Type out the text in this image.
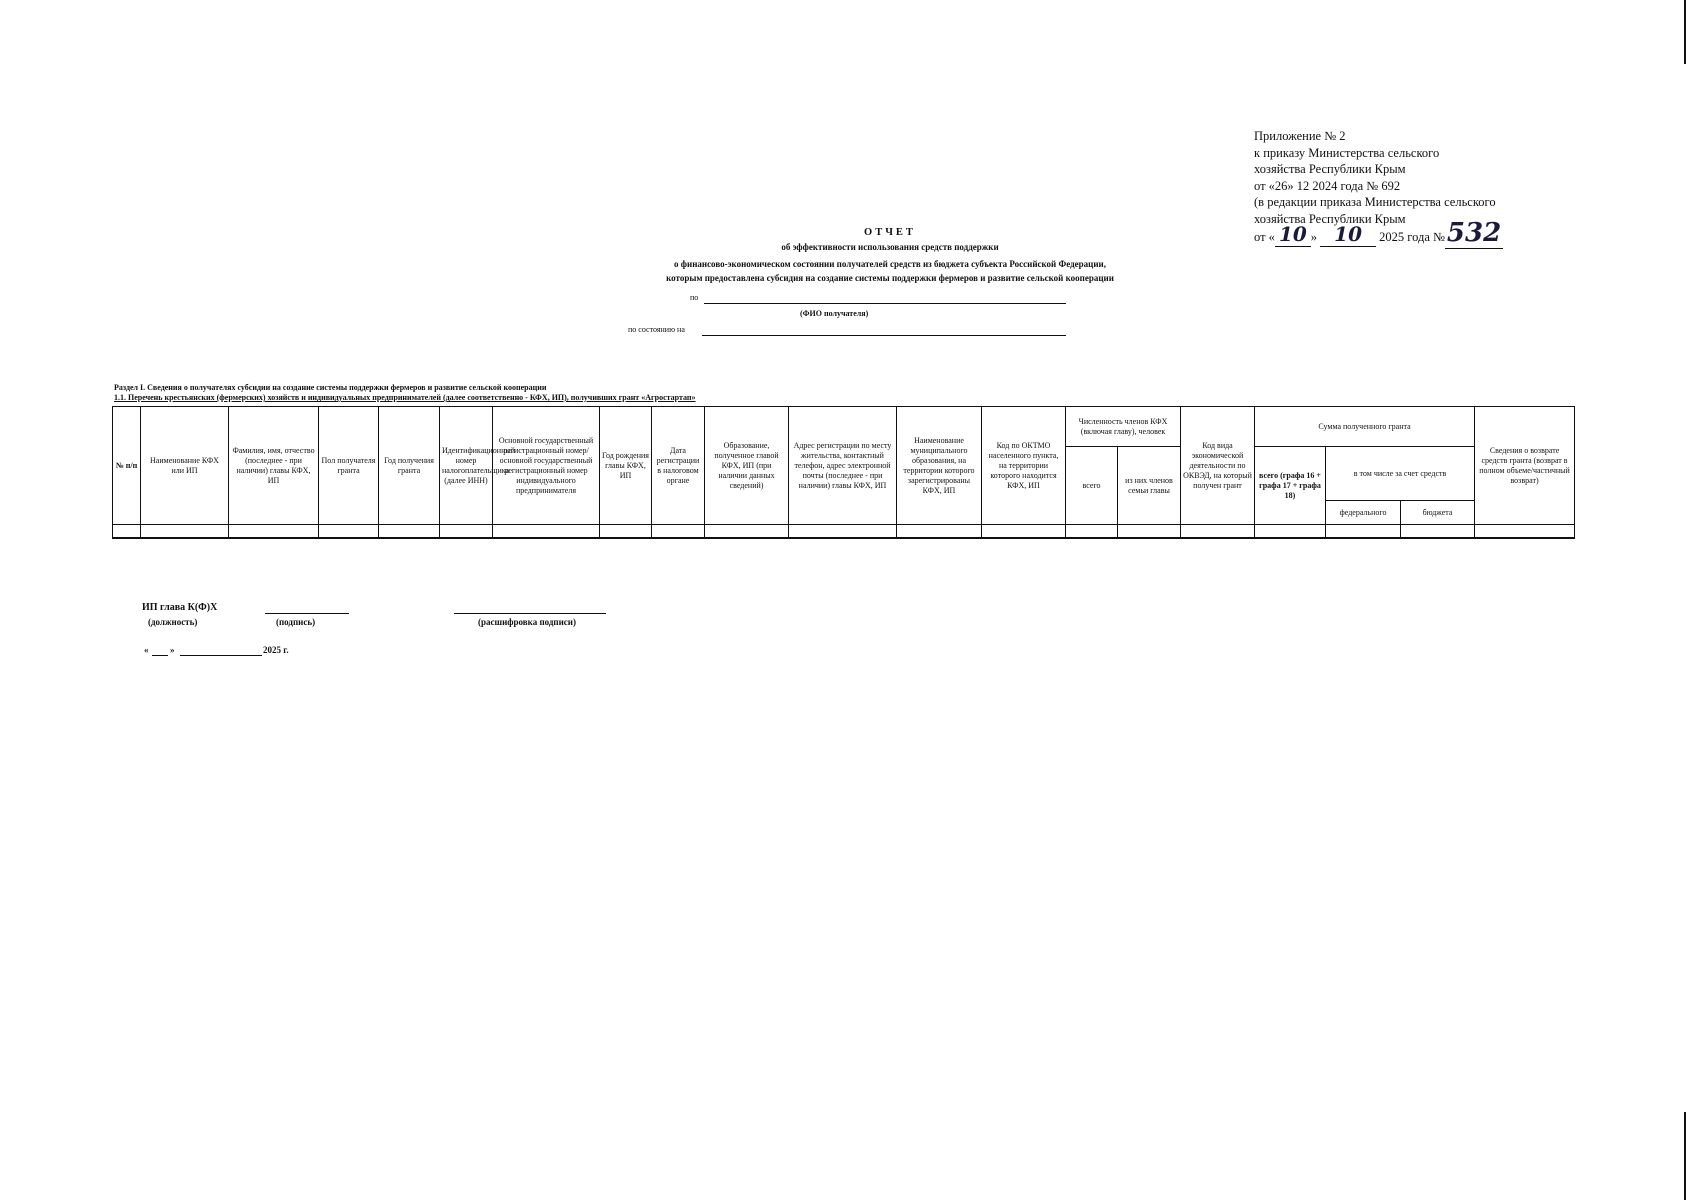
Приложение № 2
к приказу Министерства сельского
хозяйства Республики Крым
от «26» 12 2024 года № 692
(в редакции приказа Министерства сельского
хозяйства Республики Крым
от « 10 » 10 2025 года №532
ОТЧЕТ
об эффективности использования средств поддержки
о финансово-экономическом состоянии получателей средств из бюджета субъекта Российской Федерации,
которым предоставлена субсидия на создание системы поддержки фермеров и развитие сельской кооперации
по
(ФИО получателя)
по состоянию на
Раздел I. Сведения о получателях субсидии на создание системы поддержки фермеров и развитие сельской кооперации
1.1. Перечень крестьянских (фермерских) хозяйств и индивидуальных предпринимателей (далее соответственно - КФХ, ИП), получивших грант «Агростартап»
№ п/п	Наименование КФХ или ИП	Фамилия, имя, отчество (последнее - при наличии) главы КФХ, ИП	Пол получателя гранта	Год получения гранта	Идентификационный номер налогоплательщика (далее ИНН)	Основной государственный регистрационный номер/основной государственный регистрационный номер индивидуального предпринимателя	Год рождения главы КФХ, ИП	Дата регистрации в налоговом органе	Образование, полученное главой КФХ, ИП (при наличии данных сведений)	Адрес регистрации по месту жительства, контактный телефон, адрес электронной почты (последнее - при наличии) главы КФХ, ИП	Наименование муниципального образования, на территории которого зарегистрированы КФХ, ИП	Код по ОКТМО населенного пункта, на территории которого находится КФХ, ИП	Численность членов КФХ (включая главу), человек		Код вида экономической деятельности по ОКВЭД, на который получен грант	Сумма полученного гранта			Сведения о возврате средств гранта (возврат в полном объеме/частичный возврат)
													всего	из них членов семьи главы		всего (графа 16 + графа 17 + графа 18)	в том числе за счет средств		
																	федерального	бюджета	

ИП глава К(Ф)Х
(должность)	(подпись)	(расшифровка подписи)
« »	2025 г.
